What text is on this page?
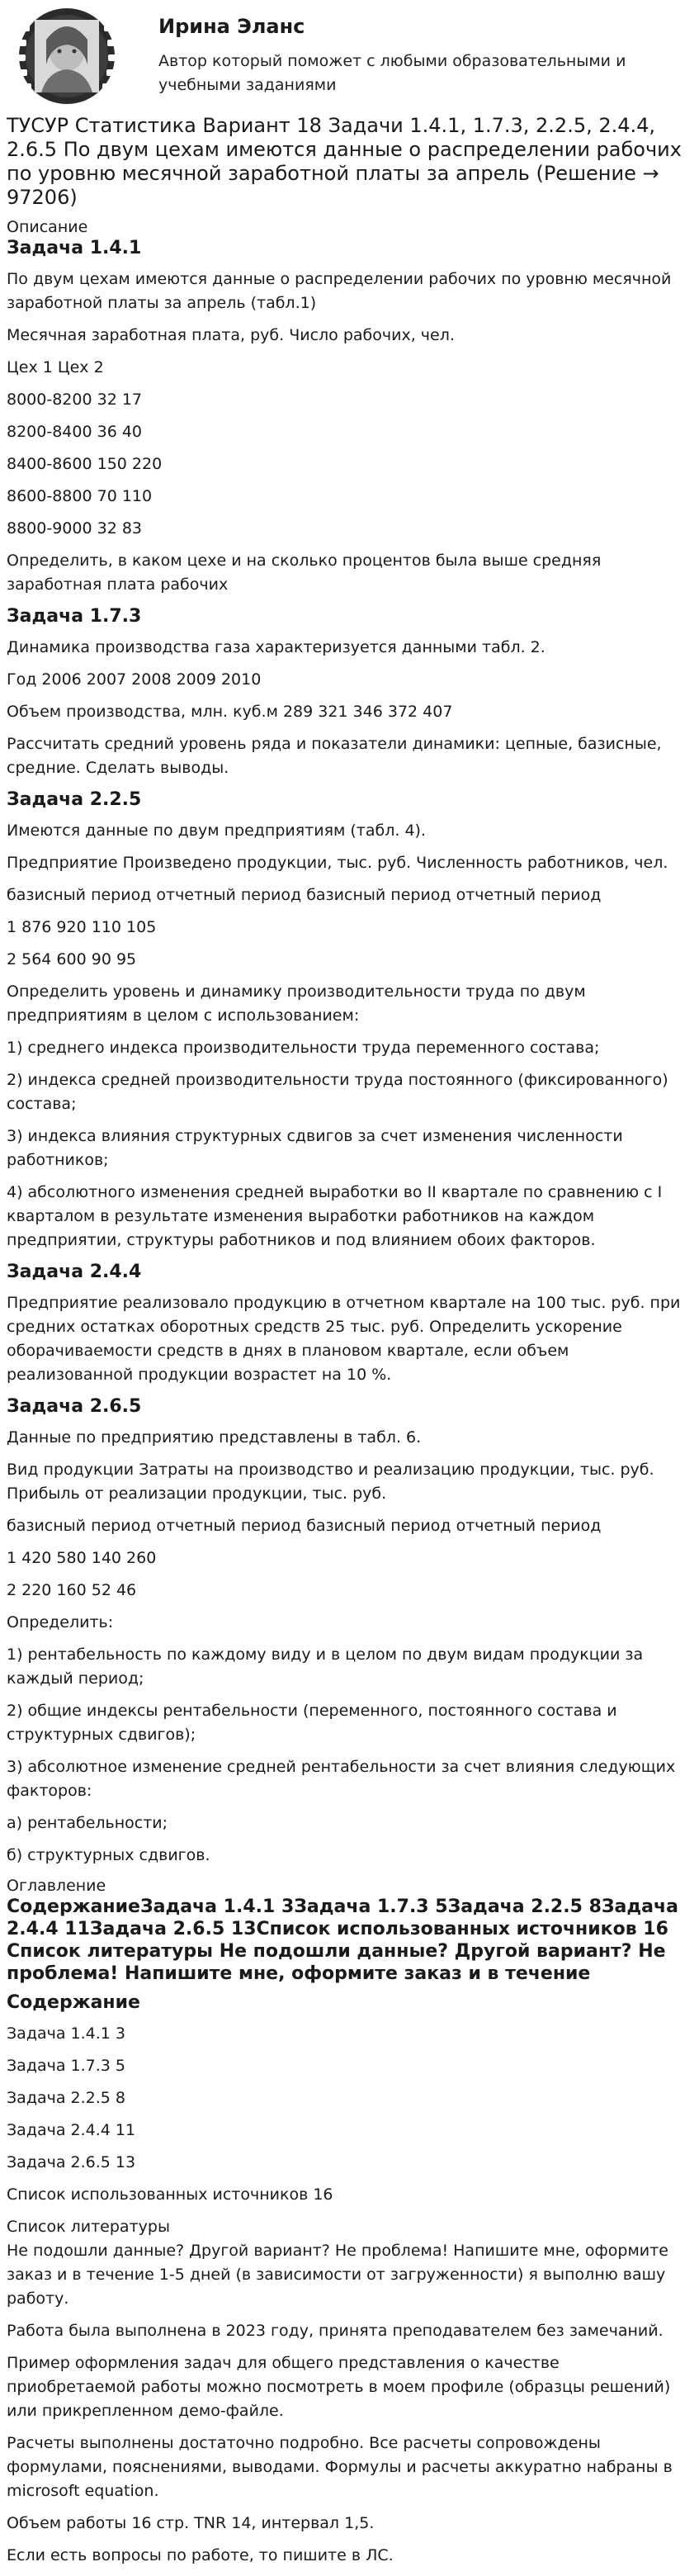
Ирина Эланс
Автор который поможет с любыми образовательными и учебными заданиями
ТУСУР Статистика Вариант 18 Задачи 1.4.1, 1.7.3, 2.2.5, 2.4.4, 2.6.5 По двум цехам имеются данные о распределении рабочих по уровню месячной заработной платы за апрель (Решение → 97206)
Описание
Задача 1.4.1

По двум цехам имеются данные о распределении рабочих по уровню месячной заработной платы за апрель (табл.1)

Месячная заработная плата, руб. Число рабочих, чел.

Цех 1 Цех 2

8000-8200 32 17

8200-8400 36 40

8400-8600 150 220

8600-8800 70 110

8800-9000 32 83

Определить, в каком цехе и на сколько процентов была выше средняя заработная плата рабочих

Задача 1.7.3

Динамика производства газа характеризуется данными табл. 2.

Год 2006 2007 2008 2009 2010

Объем производства, млн. куб.м 289 321 346 372 407

Рассчитать средний уровень ряда и показатели динамики: цепные, базисные, средние. Сделать выводы.

Задача 2.2.5

Имеются данные по двум предприятиям (табл. 4).

Предприятие Произведено продукции, тыс. руб. Численность работников, чел.

базисный период отчетный период базисный период отчетный период

1 876 920 110 105

2 564 600 90 95

Определить уровень и динамику производительности труда по двум предприятиям в целом с использованием:

1) среднего индекса производительности труда переменного состава;

2) индекса средней производительности труда постоянного (фиксированного) состава;

3) индекса влияния структурных сдвигов за счет изменения численности работников;

4) абсолютного изменения средней выработки во II квартале по сравнению с I кварталом в результате изменения выработки работников на каждом предприятии, структуры работников и под влиянием обоих факторов.

Задача 2.4.4

Предприятие реализовало продукцию в отчетном квартале на 100 тыс. руб. при средних остатках оборотных средств 25 тыс. руб. Определить ускорение оборачиваемости средств в днях в плановом квартале, если объем реализованной продукции возрастет на 10 %.

Задача 2.6.5

Данные по предприятию представлены в табл. 6.

Вид продукции Затраты на производство и реализацию продукции, тыс. руб. Прибыль от реализации продукции, тыс. руб.

базисный период отчетный период базисный период отчетный период

1 420 580 140 260

2 220 160 52 46

Определить:

1) рентабельность по каждому виду и в целом по двум видам продукции за каждый период;

2) общие индексы рентабельности (переменного, постоянного состава и структурных сдвигов);

3) абсолютное изменение средней рентабельности за счет влияния следующих факторов:

а) рентабельности;

б) структурных сдвигов.

Оглавление
СодержаниеЗадача 1.4.1 3Задача 1.7.3 5Задача 2.2.5 8Задача 2.4.4 11Задача 2.6.5 13Список использованных источников 16 Список литературы Не подошли данные? Другой вариант? Не проблема! Напишите мне, оформите заказ и в течение
Содержание

Задача 1.4.1 3

Задача 1.7.3 5

Задача 2.2.5 8

Задача 2.4.4 11

Задача 2.6.5 13

Список использованных источников 16

Список литературы

Не подошли данные? Другой вариант? Не проблема! Напишите мне, оформите заказ и в течение 1-5 дней (в зависимости от загруженности) я выполню вашу работу.

Работа была выполнена в 2023 году, принята преподавателем без замечаний.

Пример оформления задач для общего представления о качестве приобретаемой работы можно посмотреть в моем профиле (образцы решений) или прикрепленном демо-файле.

Расчеты выполнены достаточно подробно. Все расчеты сопровождены формулами, пояснениями, выводами. Формулы и расчеты аккуратно набраны в microsoft equation.

Объем работы 16 стр. TNR 14, интервал 1,5.

Если есть вопросы по работе, то пишите в ЛС.
